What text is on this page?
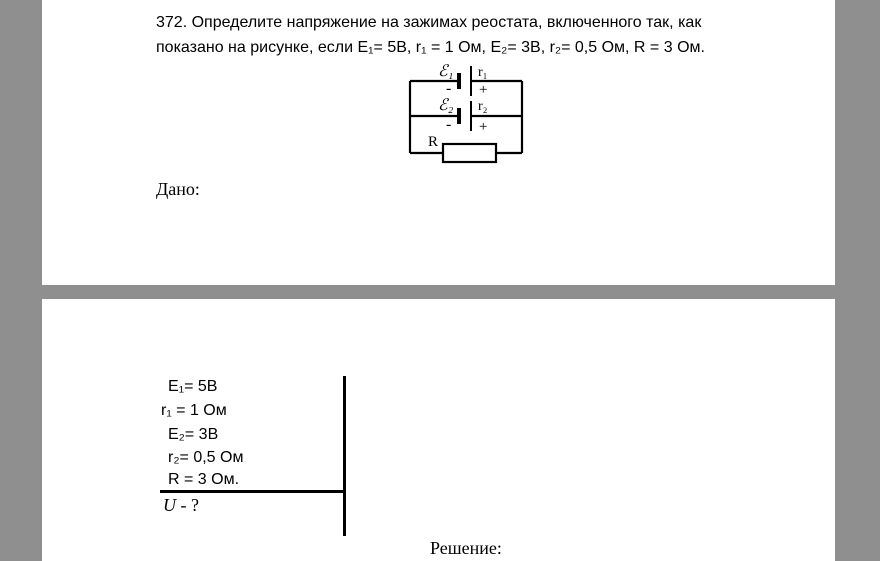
372. Определите напряжение на зажимах реостата, включенного так, как
показано на рисунке, если Е₁= 5В, r₁ = 1 Ом, Е₂= 3В, r₂= 0,5 Ом, R = 3 Ом.
ℰ₁ r₁
- +
ℰ₂ r₂
- +
R
Дано:
Е₁= 5В
r₁ = 1 Ом
Е₂= 3В
r₂= 0,5 Ом
R = 3 Ом.
U - ?
Решение:
